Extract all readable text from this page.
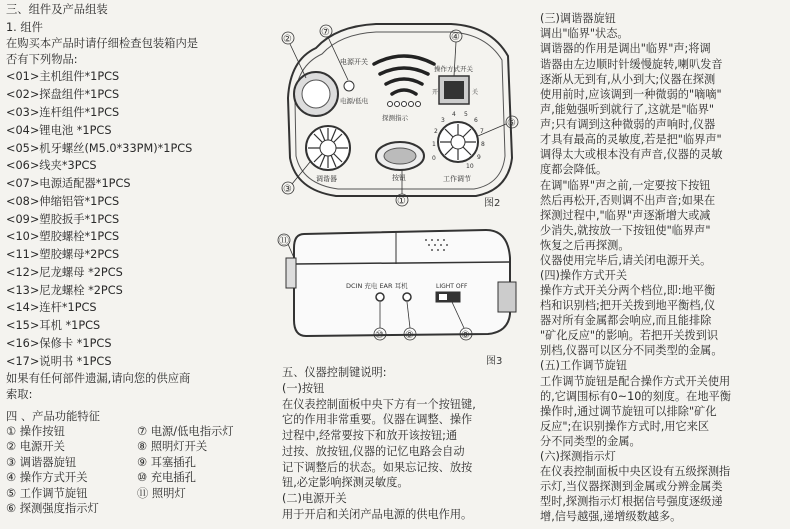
三、组件及产品组装
1. 组件
在购买本产品时请仔细检查包装箱内是
否有下列物品:
<01>主机组件*1PCS
<02>探盘组件*1PCS
<03>连杆组件*1PCS
<04>锂电池 *1PCS
<05>机牙螺丝(M5.0*33PM)*1PCS
<06>线夹*3PCS
<07>电源适配器*1PCS
<08>伸缩铝管*1PCS
<09>塑胶扳手*1PCS
<10>塑胶螺栓*1PCS
<11>塑胶螺母*2PCS
<12>尼龙螺母 *2PCS
<13>尼龙螺栓 *2PCS
<14>连杆*1PCS
<15>耳机 *1PCS
<16>保修卡 *1PCS
<17>说明书 *1PCS
如果有任何部件遗漏,请向您的供应商
索取:
四 、产品功能特征
① 操作按钮
② 电源开关
③ 调谐器旋钮
④ 操作方式开关
⑤ 工作调节旋钮
⑥ 探测强度指示灯
⑦ 电源/低电指示灯
⑧ 照明灯开关
⑨ 耳塞插孔
⑩ 充电插孔
⑪ 照明灯
电源开关
电源/低电
探测指示
操作方式开关
开	关
调谐器	按钮
0
1
2
3
4 5
6
7
8
9
10
工作调节
②
⑦
③
④
⑤
①	图2
DCIN 充电 EAR 耳机	LIGHT OFF
⑪
⑩ ⑨	⑧
图3
五、仪器控制键说明:
(一)按钮
在仪表控制面板中央下方有一个按钮键,
它的作用非常重要。仪器在调整、操作
过程中,经常要按下和放开该按钮;通
过按、放按钮,仪器的记忆电路会自动
记下调整后的状态。如果忘记按、放按
钮,必定影响探测灵敏度。
(二)电源开关
用于开启和关闭产品电源的供电作用。
(三)调谐器旋钮
调出"临界"状态。
调谐器的作用是调出"临界"声;将调
谐器由左边顺时针缓慢旋转,喇叭发音
逐渐从无到有,从小到大;仪器在探测
使用前时,应该调到一种微弱的"嘀嘀"
声,能勉强听到就行了,这就是"临界"
声;只有调到这种微弱的声响时,仪器
才具有最高的灵敏度,若是把"临界声"
调得太大或根本没有声音,仪器的灵敏
度都会降低。
在调"临界"声之前,一定要按下按钮
然后再松开,否则调不出声音;如果在
探测过程中,"临界"声逐渐增大或减
少消失,就按放一下按钮使"临界声"
恢复之后再探测。
仪器使用完毕后,请关闭电源开关。
(四)操作方式开关
操作方式开关分两个档位,即:地平衡
档和识别档;把开关拨到地平衡档,仪
器对所有金属都会响应,而且能排除
"矿化反应"的影响。若把开关拨到识
别档,仪器可以区分不同类型的金属。
(五)工作调节旋钮
工作调节旋钮是配合操作方式开关使用
的,它调围标有0~10的刻度。在地平衡
操作时,通过调节旋钮可以排除"矿化
反应";在识别操作方式时,用它来区
分不同类型的金属。
(六)探测指示灯
在仪表控制面板中央区设有五级探测指
示灯,当仪器探测到金属或分辨金属类
型时,探测指示灯根据信号强度逐级递
增,信号越强,递增级数越多。
